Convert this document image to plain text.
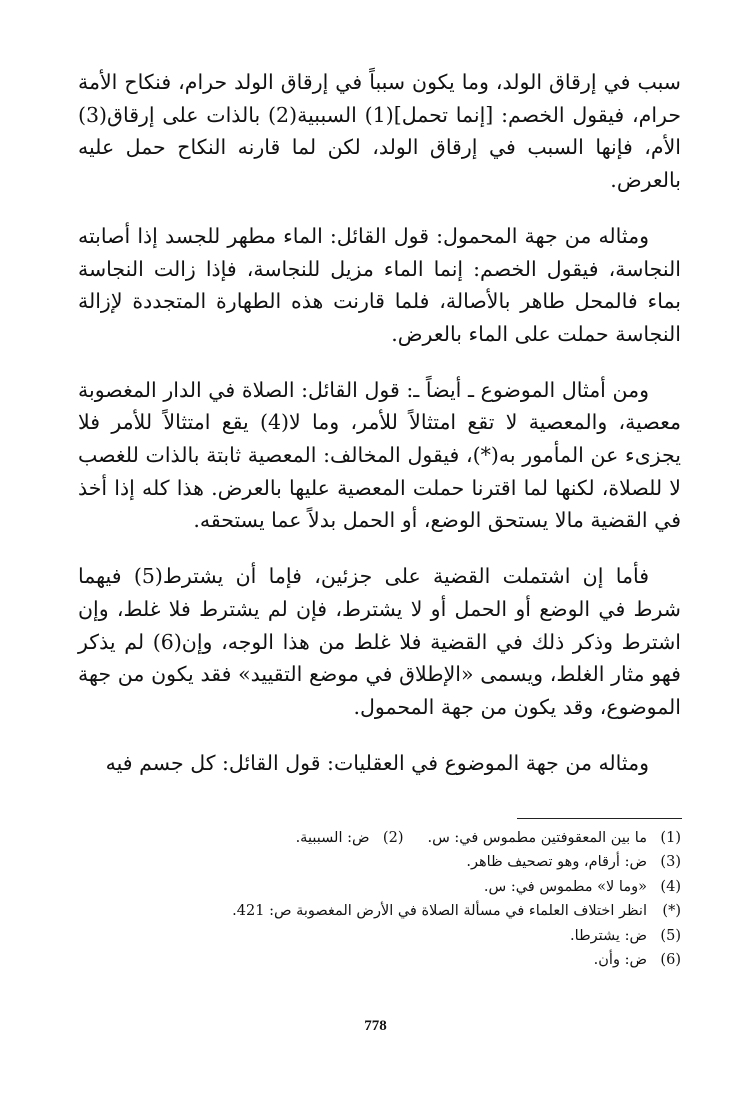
سبب في إرقاق الولد، وما يكون سبباً في إرقاق الولد حرام، فنكاح الأمة حرام، فيقول الخصم: [إنما تحمل](1) السببية(2) بالذات على إرقاق(3) الأم، فإنها السبب في إرقاق الولد، لكن لما قارنه النكاح حمل عليه بالعرض.

ومثاله من جهة المحمول: قول القائل: الماء مطهر للجسد إذا أصابته النجاسة، فيقول الخصم: إنما الماء مزيل للنجاسة، فإذا زالت النجاسة بماء فالمحل طاهر بالأصالة، فلما قارنت هذه الطهارة المتجددة لإزالة النجاسة حملت على الماء بالعرض.

ومن أمثال الموضوع ـ أيضاً ـ: قول القائل: الصلاة في الدار المغصوبة معصية، والمعصية لا تقع امتثالاً للأمر، وما لا(4) يقع امتثالاً للأمر فلا يجزىء عن المأمور به(*)، فيقول المخالف: المعصية ثابتة بالذات للغصب لا للصلاة، لكنها لما اقترنا حملت المعصية عليها بالعرض. هذا كله إذا أخذ في القضية مالا يستحق الوضع، أو الحمل بدلاً عما يستحقه.

فأما إن اشتملت القضية على جزئين، فإما أن يشترط(5) فيهما شرط في الوضع أو الحمل أو لا يشترط، فإن لم يشترط فلا غلط، وإن اشترط وذكر ذلك في القضية فلا غلط من هذا الوجه، وإن(6) لم يذكر فهو مثار الغلط، ويسمى «الإطلاق في موضع التقييد» فقد يكون من جهة الموضوع، وقد يكون من جهة المحمول.

ومثاله من جهة الموضوع في العقليات: قول القائل: كل جسم فيه

(1)
ما بين المعقوفتين مطموس في: س.
(2)
ض: السببية.
(3)
ض: أرقام، وهو تصحيف ظاهر.
(4)
«وما لا» مطموس في: س.
(*)
انظر اختلاف العلماء في مسألة الصلاة في الأرض المغصوبة ص: 421.
(5)
ض: يشترطا.
(6)
ض: وأن.
778
